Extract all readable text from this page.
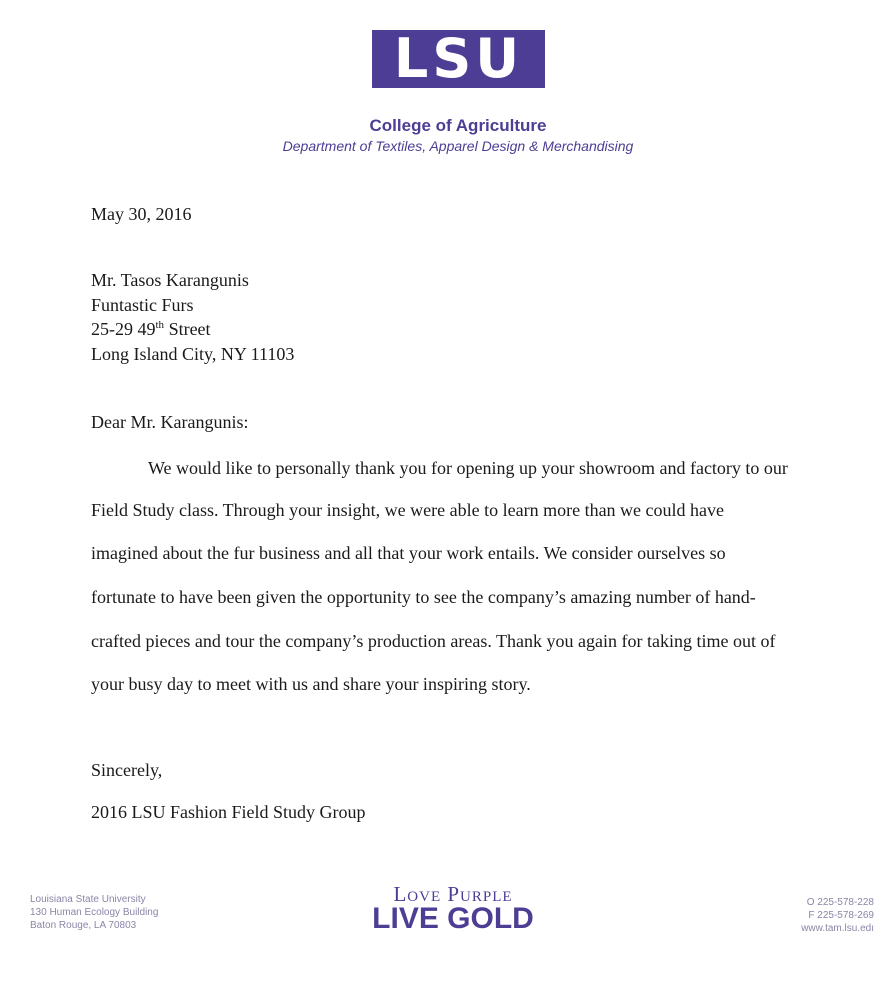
LSU
College of Agriculture
Department of Textiles, Apparel Design & Merchandising
May 30, 2016
Mr. Tasos Karangunis
Funtastic Furs
25-29 49th Street
Long Island City, NY 11103
Dear Mr. Karangunis:
We would like to personally thank you for opening up your showroom and factory to our
Field Study class. Through your insight, we were able to learn more than we could have
imagined about the fur business and all that your work entails. We consider ourselves so
fortunate to have been given the opportunity to see the company’s amazing number of hand-
crafted pieces and tour the company’s production areas. Thank you again for taking time out of
your busy day to meet with us and share your inspiring story.
Sincerely,
2016 LSU Fashion Field Study Group
Louisiana State University
130 Human Ecology Building
Baton Rouge, LA 70803
Love Purple
LIVE GOLD	O 225-578-228
F 225-578-269
www.tam.lsu.edı
